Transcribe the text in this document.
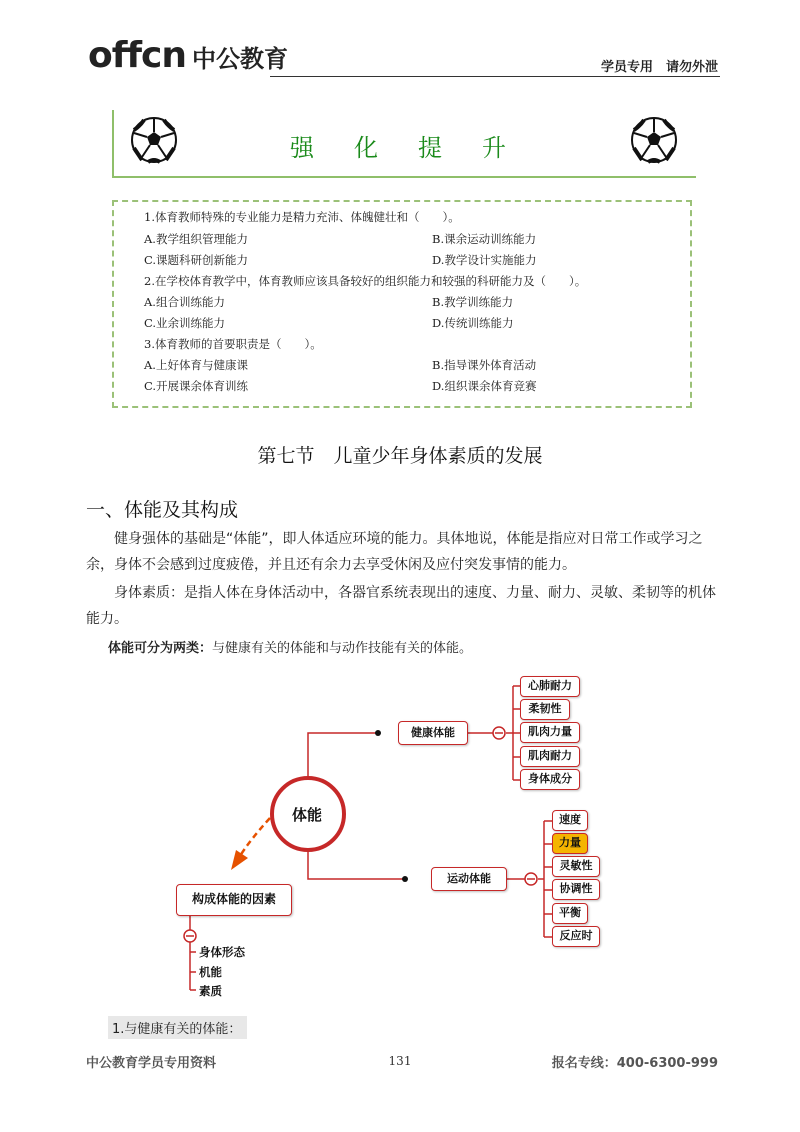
offcn 中公教育	学员专用　请勿外泄
强化提升
1.体育教师特殊的专业能力是精力充沛、体魄健壮和（　　）。
A.教学组织管理能力	B.课余运动训练能力
C.课题科研创新能力	D.教学设计实施能力
2.在学校体育教学中，体育教师应该具备较好的组织能力和较强的科研能力及（　　）。
A.组合训练能力	B.教学训练能力
C.业余训练能力	D.传统训练能力
3.体育教师的首要职责是（　　）。
A.上好体育与健康课	B.指导课外体育活动
C.开展课余体育训练	D.组织课余体育竞赛
第七节　儿童少年身体素质的发展
一、体能及其构成
健身强体的基础是“体能”，即人体适应环境的能力。具体地说，体能是指应对日常工作或学习之余，身体不会感到过度疲倦，并且还有余力去享受休闲及应付突发事情的能力。
身体素质：是指人体在身体活动中，各器官系统表现出的速度、力量、耐力、灵敏、柔韧等的机体能力。
体能可分为两类：与健康有关的体能和与动作技能有关的体能。
体能
健康体能
心肺耐力
柔韧性
肌肉力量
肌肉耐力
身体成分
运动体能
速度
力量
灵敏性
协调性
平衡
反应时
构成体能的因素
身体形态
机能
素质
1.与健康有关的体能：
中公教育学员专用资料	131	报名专线：400-6300-999
